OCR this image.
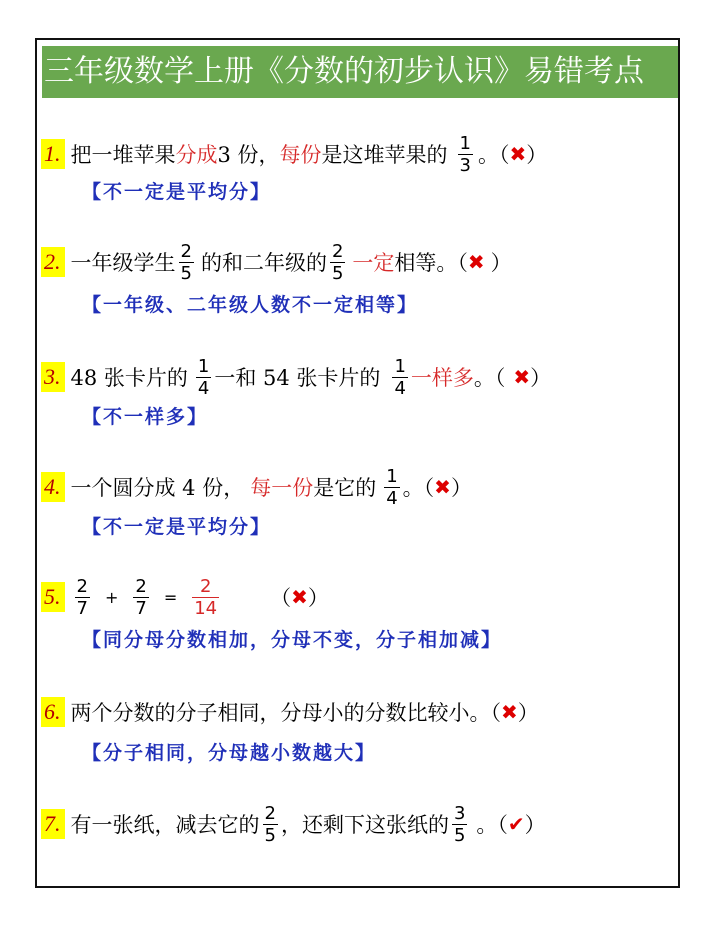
三年级数学上册《分数的初步认识》易错考点
1. 把一堆苹果 分成 3 份， 每份 是这堆苹果的 $\frac{1}{3}$ 。（ ✖ ）
【不一定是平均分】
2. 一年级学生 $\frac{2}{5}$ 的和二年级的 $\frac{2}{5}$ 一定 相等。（ ✖ ）
【一年级、二年级人数不一定相等】
3. 48 张卡片的 $\frac{1}{4}$ 一和 54 张卡片的 $\frac{1}{4}$ 一样多 。（ ✖ ）
【不一样多】
4. 一个圆分成 4 份， 每一份 是它的 $\frac{1}{4}$ 。（ ✖ ）
【不一定是平均分】
5. $\frac{2}{7} + \frac{2}{7} = \frac{2}{14}$ （ ✖ ）
【同分母分数相加，分母不变，分子相加减】
6. 两个分数的分子相同，分母小的分数比较小。（ ✖ ）
【分子相同，分母越小数越大】
7. 有一张纸，减去它的 $\frac{2}{5}$ ，还剩下这张纸的 $\frac{3}{5}$ 。（ ✔ ）
